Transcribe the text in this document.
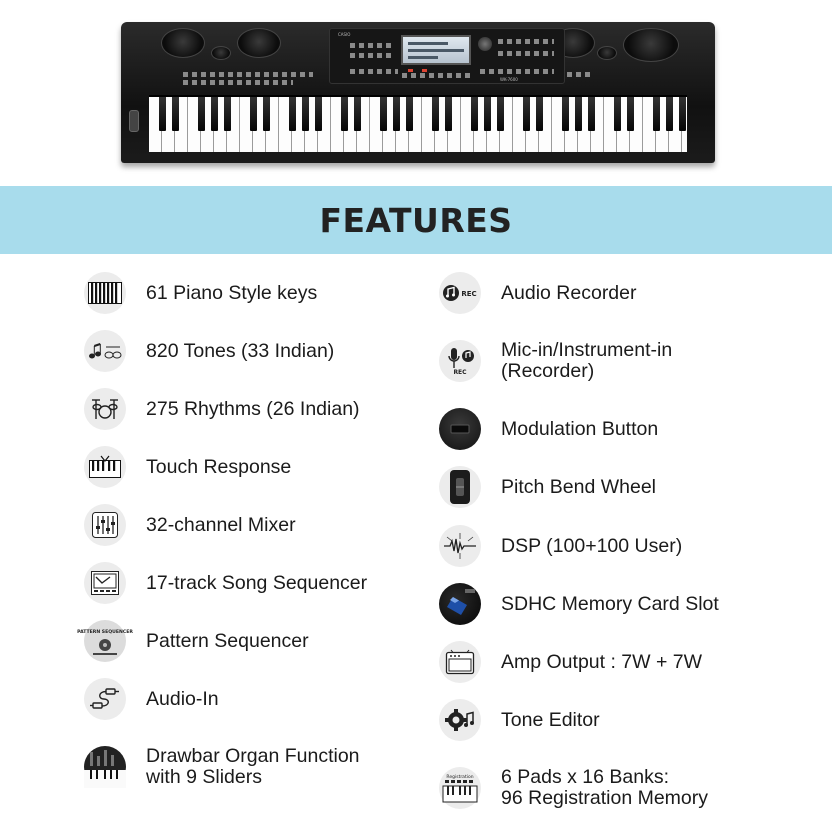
CASIO
WK-7600
FEATURES
61 Piano Style keys
820 Tones (33 Indian)
275 Rhythms (26 Indian)
Touch Response
32-channel Mixer
17-track Song Sequencer
PATTERN SEQUENCER Pattern Sequencer
Audio-In
Drawbar Organ Function
with 9 Sliders
REC Audio Recorder
REC
Mic-in/Instrument-in
(Recorder)
Modulation Button
Pitch Bend Wheel
DSP (100+100 User)
SDHC Memory Card Slot
Amp Output : 7W + 7W
Tone Editor
Registration 6 Pads x 16 Banks:
96 Registration Memory
